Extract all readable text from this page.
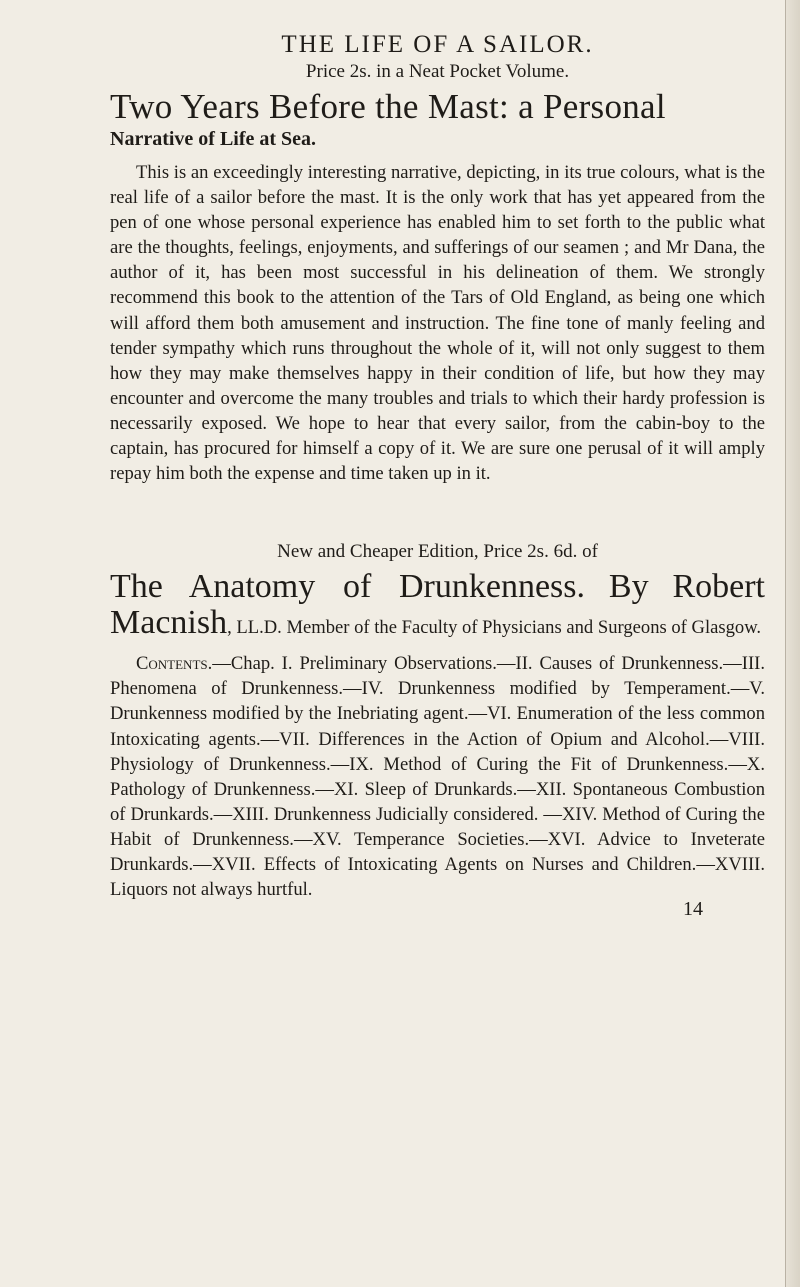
THE LIFE OF A SAILOR.

Price 2s. in a Neat Pocket Volume.

Two Years Before the Mast: a Personal

Narrative of Life at Sea.

This is an exceedingly interesting narrative, depicting, in its true colours, what is the real life of a sailor before the mast. It is the only work that has yet appeared from the pen of one whose personal experience has enabled him to set forth to the public what are the thoughts, feelings, enjoyments, and sufferings of our seamen ; and Mr Dana, the author of it, has been most successful in his delineation of them. We strongly recommend this book to the attention of the Tars of Old England, as being one which will afford them both amusement and instruction. The fine tone of manly feeling and tender sympathy which runs throughout the whole of it, will not only suggest to them how they may make themselves happy in their condition of life, but how they may encounter and overcome the many troubles and trials to which their hardy profession is necessarily exposed. We hope to hear that every sailor, from the cabin-boy to the captain, has procured for himself a copy of it. We are sure one perusal of it will amply repay him both the expense and time taken up in it.

New and Cheaper Edition, Price 2s. 6d. of

The Anatomy of Drunkenness. By Robert Macnish, LL.D. Member of the Faculty of Physicians and Surgeons of Glasgow.

Contents.—Chap. I. Preliminary Observations.—II. Causes of Drunkenness.—III. Phenomena of Drunkenness.—IV. Drunkenness modified by Temperament.—V. Drunkenness modified by the Inebriating agent.—VI. Enumeration of the less common Intoxicating agents.—VII. Differences in the Action of Opium and Alcohol.—VIII. Physiology of Drunkenness.—IX. Method of Curing the Fit of Drunkenness.—X. Pathology of Drunkenness.—XI. Sleep of Drunkards.—XII. Spontaneous Combustion of Drunkards.—XIII. Drunkenness Judicially considered. —XIV. Method of Curing the Habit of Drunkenness.—XV. Temperance Societies.—XVI. Advice to Inveterate Drunkards.—XVII. Effects of Intoxicating Agents on Nurses and Children.—XVIII. Liquors not always hurtful.

14
